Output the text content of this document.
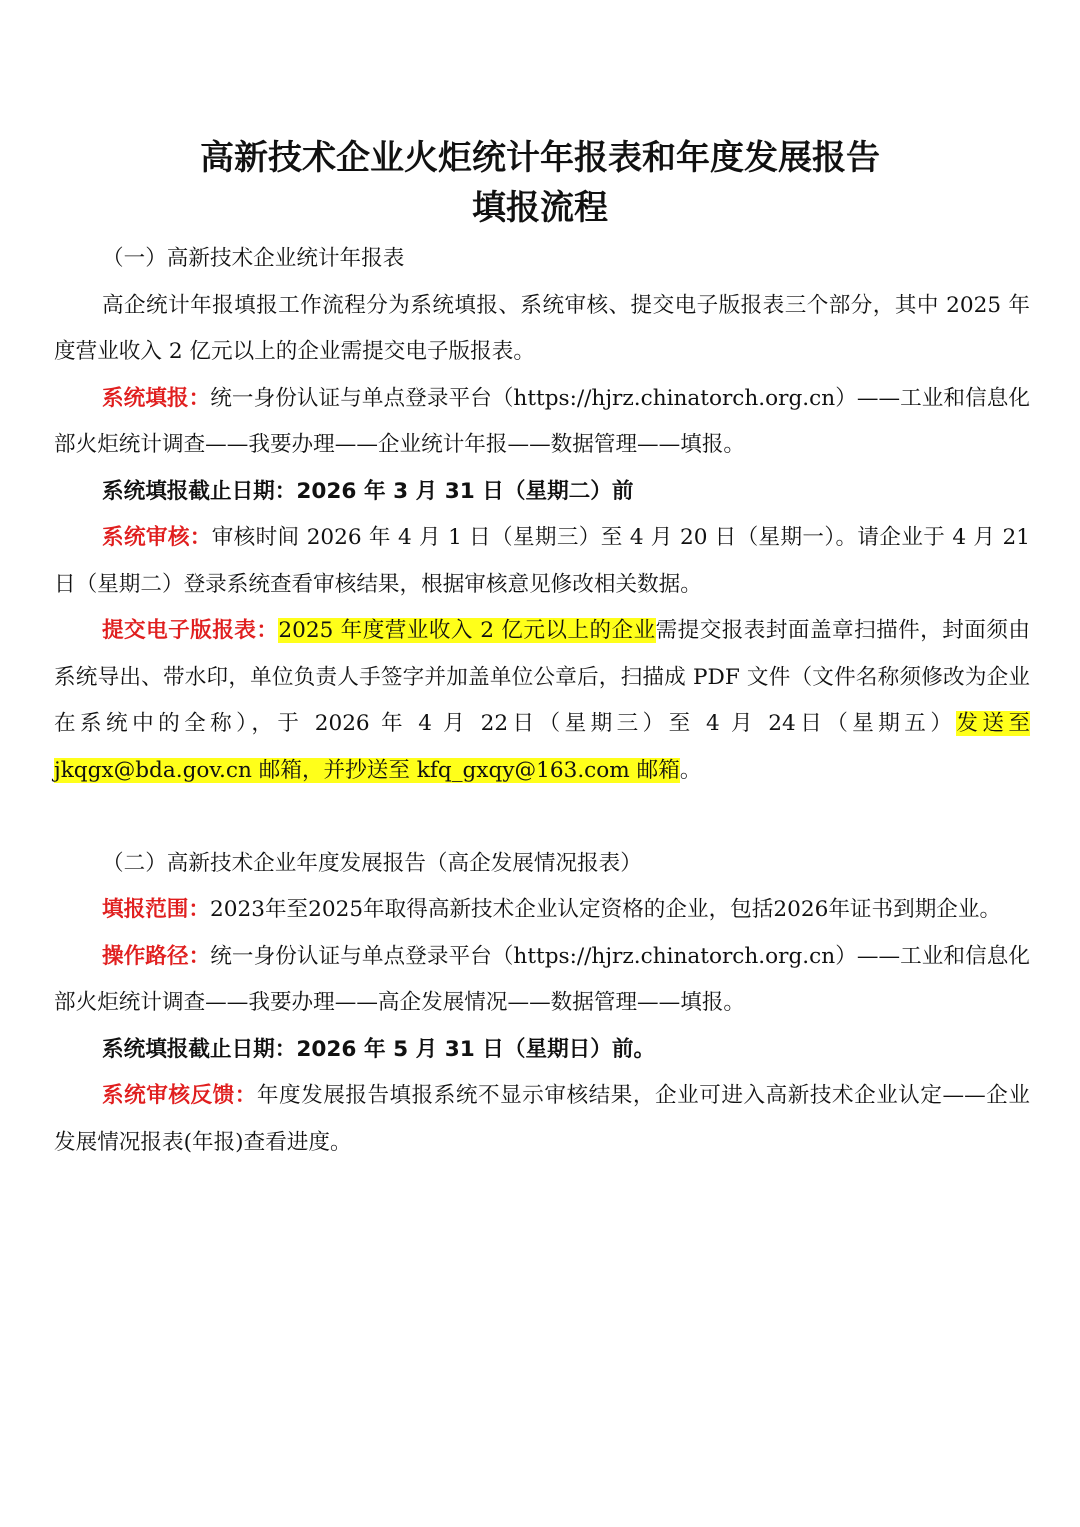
高新技术企业火炬统计年报表和年度发展报告
填报流程

（一）高新技术企业统计年报表

高企统计年报填报工作流程分为系统填报、系统审核、提交电子版报表三个部分，其中 2025 年度营业收入 2 亿元以上的企业需提交电子版报表。

系统填报：统一身份认证与单点登录平台（https://hjrz.chinatorch.org.cn）——工业和信息化部火炬统计调查——我要办理——企业统计年报——数据管理——填报。

系统填报截止日期：2026 年 3 月 31 日（星期二）前

系统审核：审核时间 2026 年 4 月 1 日（星期三）至 4 月 20 日（星期一）。请企业于 4 月 21 日（星期二）登录系统查看审核结果，根据审核意见修改相关数据。

提交电子版报表：2025 年度营业收入 2 亿元以上的企业需提交报表封面盖章扫描件，封面须由系统导出、带水印，单位负责人手签字并加盖单位公章后，扫描成 PDF 文件（文件名称须修改为企业在系统中的全称），于 2026 年 4 月 22日（星期三）至 4 月 24日（星期五）发送至 jkqgx@bda.gov.cn 邮箱，并抄送至 kfq_gxqy@163.com 邮箱。

（二）高新技术企业年度发展报告（高企发展情况报表）

填报范围：2023年至2025年取得高新技术企业认定资格的企业，包括2026年证书到期企业。

操作路径：统一身份认证与单点登录平台（https://hjrz.chinatorch.org.cn）——工业和信息化部火炬统计调查——我要办理——高企发展情况——数据管理——填报。

系统填报截止日期：2026 年 5 月 31 日（星期日）前。

系统审核反馈：年度发展报告填报系统不显示审核结果，企业可进入高新技术企业认定——企业发展情况报表(年报)查看进度。
